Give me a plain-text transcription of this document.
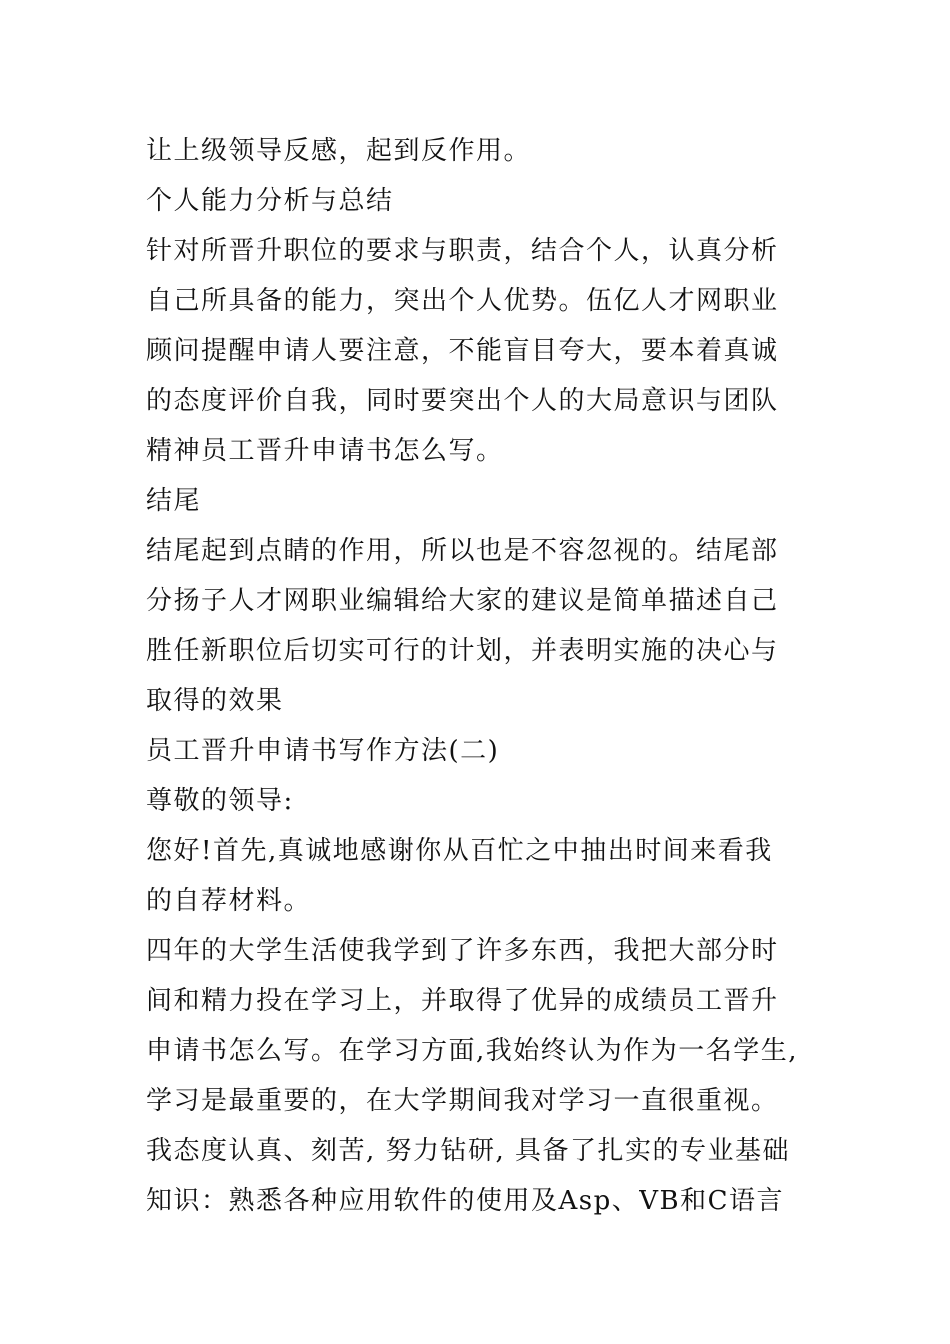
让上级领导反感，起到反作用。
个人能力分析与总结
针对所晋升职位的要求与职责，结合个人，认真分析
自己所具备的能力，突出个人优势。伍亿人才网职业
顾问提醒申请人要注意，不能盲目夸大，要本着真诚
的态度评价自我，同时要突出个人的大局意识与团队
精神员工晋升申请书怎么写。
结尾
结尾起到点睛的作用，所以也是不容忽视的。结尾部
分扬子人才网职业编辑给大家的建议是简单描述自己
胜任新职位后切实可行的计划，并表明实施的决心与
取得的效果
员工晋升申请书写作方法(二)
尊敬的领导:
您好!首先,真诚地感谢你从百忙之中抽出时间来看我
的自荐材料。
四年的大学生活使我学到了许多东西，我把大部分时
间和精力投在学习上，并取得了优异的成绩员工晋升
申请书怎么写。在学习方面,我始终认为作为一名学生,
学习是最重要的，在大学期间我对学习一直很重视。
我态度认真、刻苦, 努力钻研, 具备了扎实的专业基础
知识：熟悉各种应用软件的使用及Asp、VB和C语言
